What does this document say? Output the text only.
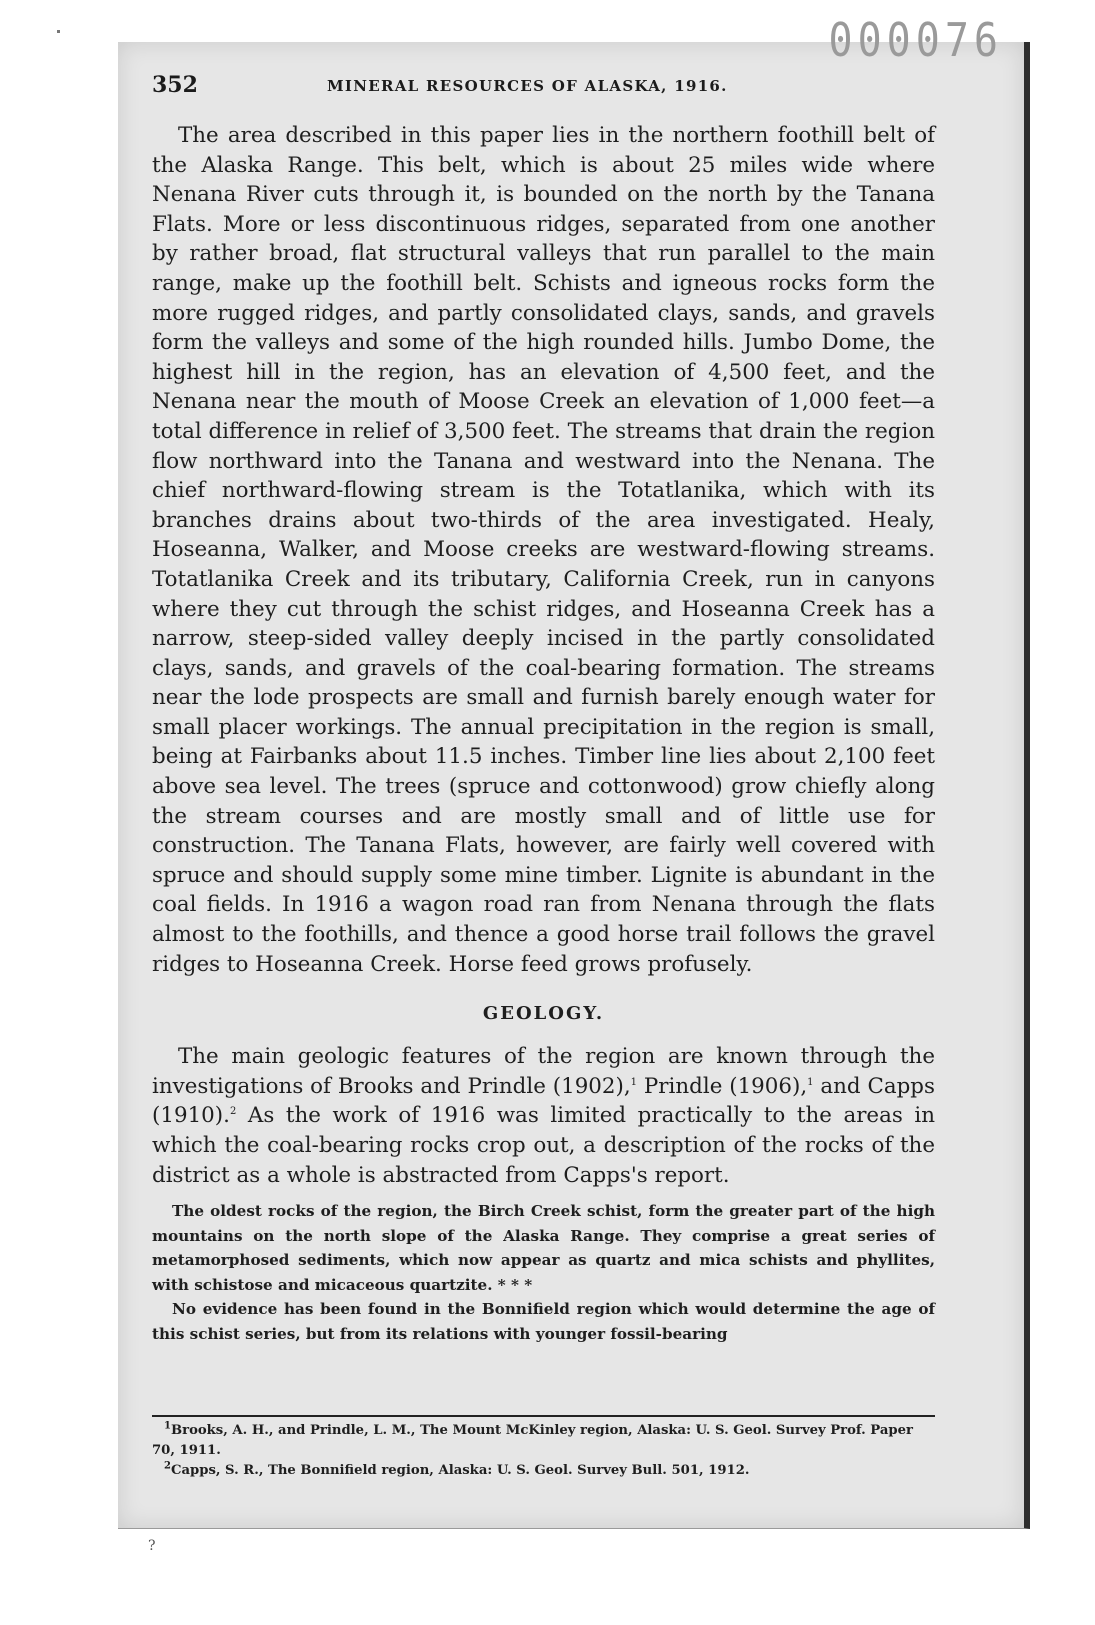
000076
352	MINERAL RESOURCES OF ALASKA, 1916.

The area described in this paper lies in the northern foothill belt of the Alaska Range. This belt, which is about 25 miles wide where Nenana River cuts through it, is bounded on the north by the Tanana Flats. More or less discontinuous ridges, separated from one another by rather broad, flat structural valleys that run parallel to the main range, make up the foothill belt. Schists and igneous rocks form the more rugged ridges, and partly consolidated clays, sands, and gravels form the valleys and some of the high rounded hills. Jumbo Dome, the highest hill in the region, has an elevation of 4,500 feet, and the Nenana near the mouth of Moose Creek an elevation of 1,000 feet—a total difference in relief of 3,500 feet. The streams that drain the region flow northward into the Tanana and westward into the Nenana. The chief northward-flowing stream is the Totatlanika, which with its branches drains about two-thirds of the area investigated. Healy, Hoseanna, Walker, and Moose creeks are westward-flowing streams. Totatlanika Creek and its tributary, California Creek, run in canyons where they cut through the schist ridges, and Hoseanna Creek has a narrow, steep-sided valley deeply incised in the partly consolidated clays, sands, and gravels of the coal-bearing formation. The streams near the lode prospects are small and furnish barely enough water for small placer workings. The annual precipitation in the region is small, being at Fairbanks about 11.5 inches. Timber line lies about 2,100 feet above sea level. The trees (spruce and cottonwood) grow chiefly along the stream courses and are mostly small and of little use for construction. The Tanana Flats, however, are fairly well covered with spruce and should supply some mine timber. Lignite is abundant in the coal fields. In 1916 a wagon road ran from Nenana through the flats almost to the foothills, and thence a good horse trail follows the gravel ridges to Hoseanna Creek. Horse feed grows profusely.

GEOLOGY.

The main geologic features of the region are known through the investigations of Brooks and Prindle (1902),$^1$ Prindle (1906),$^1$ and Capps (1910).$^2$ As the work of 1916 was limited practically to the areas in which the coal-bearing rocks crop out, a description of the rocks of the district as a whole is abstracted from Capps's report.

The oldest rocks of the region, the Birch Creek schist, form the greater part of the high mountains on the north slope of the Alaska Range. They comprise a great series of metamorphosed sediments, which now appear as quartz and mica schists and phyllites, with schistose and micaceous quartzite. * * *

No evidence has been found in the Bonnifield region which would determine the age of this schist series, but from its relations with younger fossil-bearing

$^1$Brooks, A. H., and Prindle, L. M., The Mount McKinley region, Alaska: U. S. Geol. Survey Prof. Paper 70, 1911.

$^2$Capps, S. R., The Bonnifield region, Alaska: U. S. Geol. Survey Bull. 501, 1912.

?
